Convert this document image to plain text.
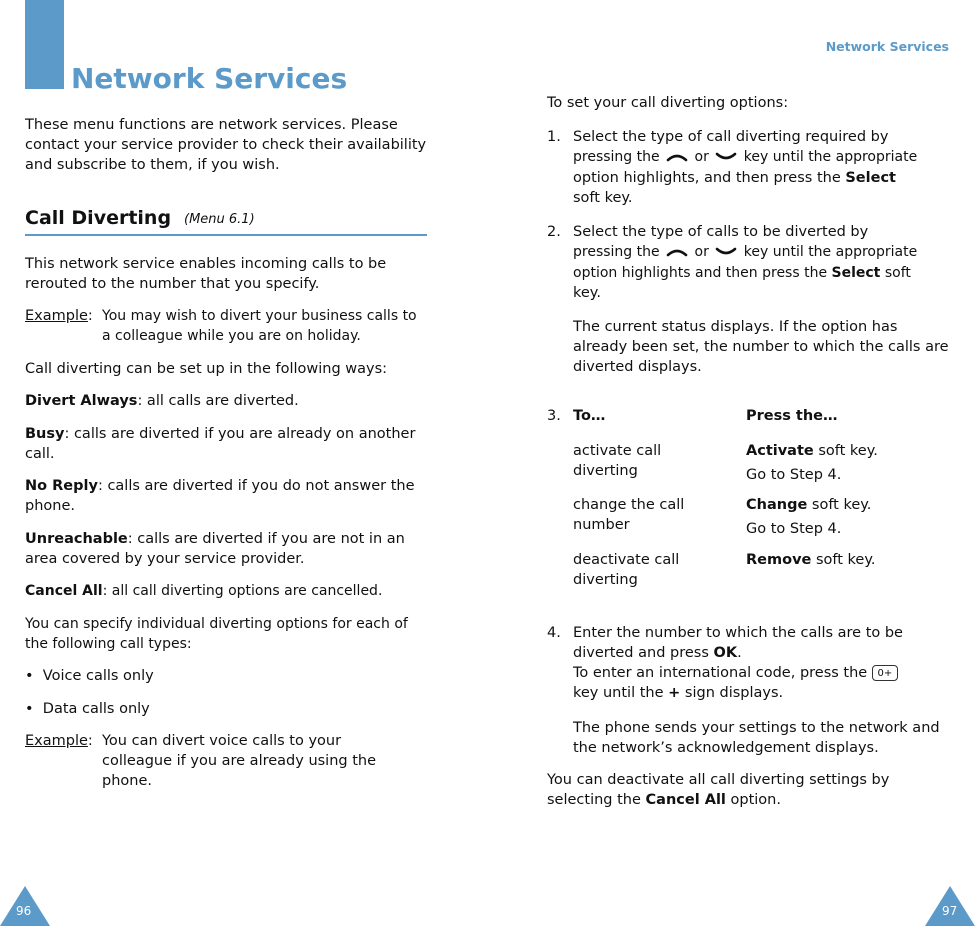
Network Services
These menu functions are network services. Please contact your service provider to check their availability and subscribe to them, if you wish.
Call Diverting (Menu 6.1)
This network service enables incoming calls to be rerouted to the number that you specify.
Example: You may wish to divert your business calls to a colleague while you are on holiday.
Call diverting can be set up in the following ways:
Divert Always: all calls are diverted.
Busy: calls are diverted if you are already on another call.
No Reply: calls are diverted if you do not answer the phone.
Unreachable: calls are diverted if you are not in an area covered by your service provider.
Cancel All: all call diverting options are cancelled.
You can specify individual diverting options for each of the following call types:
•  Voice calls only
•  Data calls only
Example: You can divert voice calls to your colleague if you are already using the phone.
96
Network Services
To set your call diverting options:
1. Select the type of call diverting required by
pressing the or key until the appropriate
option highlights, and then press the Select
soft key.
2. Select the type of calls to be diverted by
pressing the or key until the appropriate
option highlights and then press the Select soft
key.
The current status displays. If the option has already been set, the number to which the calls are diverted displays.
3. To…	Press the…
activate call diverting
Activate soft key.
Go to Step 4.
change the call number
Change soft key.
Go to Step 4.
deactivate call diverting
Remove soft key.
4. Enter the number to which the calls are to be
diverted and press OK.
To enter an international code, press the 0+
key until the + sign displays.
The phone sends your settings to the network and the network’s acknowledgement displays.
You can deactivate all call diverting settings by
selecting the Cancel All option.
97
